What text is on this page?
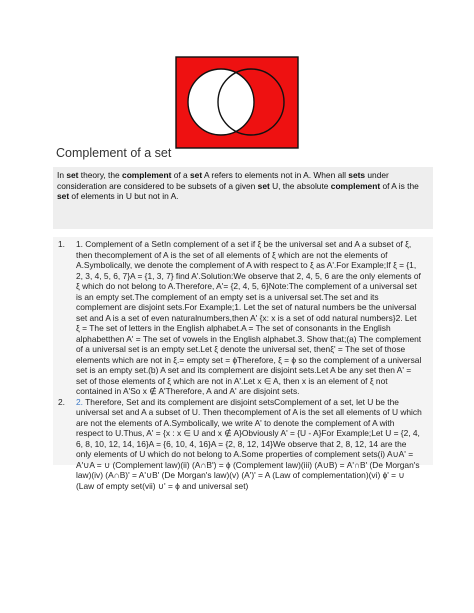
Complement of a set
In set theory, the complement of a set A refers to elements not in A. When all sets under consideration are considered to be subsets of a given set U, the absolute complement of A is the set of elements in U but not in A.
1. 1. Complement of a SetIn complement of a set if ξ be the universal set and A a subset of ξ, then thecomplement of A is the set of all elements of ξ which are not the elements of A.Symbolically, we denote the complement of A with respect to ξ as A'.For Example;If ξ = {1, 2, 3, 4, 5, 6, 7}A = {1, 3, 7} find A'.Solution:We observe that 2, 4, 5, 6 are the only elements of ξ which do not belong to A.Therefore, A'= {2, 4, 5, 6}Note:The complement of a universal set is an empty set.The complement of an empty set is a universal set.The set and its complement are disjoint sets.For Example;1. Let the set of natural numbers be the universal set and A is a set of even naturalnumbers,then A' {x: x is a set of odd natural numbers}2. Let ξ = The set of letters in the English alphabet.A = The set of consonants in the English alphabetthen A' = The set of vowels in the English alphabet.3. Show that;(a) The complement of a universal set is an empty set.Let ξ denote the universal set, thenξ' = The set of those elements which are not in ξ.= empty set = ϕTherefore, ξ = ϕ so the complement of a universal set is an empty set.(b) A set and its complement are disjoint sets.Let A be any set then A' = set of those elements of ξ which are not in A'.Let x ∈ A, then x is an element of ξ not contained in A'So x ∉ A'Therefore, A and A' are disjoint sets.
2. 2. Therefore, Set and its complement are disjoint setsComplement of a set, let U be the universal set and A a subset of U. Then thecomplement of A is the set all elements of U which are not the elements of A.Symbolically, we write A' to denote the complement of A with respect to U.Thus, A' = {x : x ∈ U and x ∉ A}Obviously A' = {U - A}For Example;Let U = {2, 4, 6, 8, 10, 12, 14, 16}A = {6, 10, 4, 16}A = {2, 8, 12, 14}We observe that 2, 8, 12, 14 are the only elements of U which do not belong to A.Some properties of complement sets(i) A∪A' = A'∪A = ∪ (Complement law)(ii) (A∩B') = ϕ (Complement law)(iii) (A∪B) = A'∩B' (De Morgan's law)(iv) (A∩B)' = A'∪B' (De Morgan's law)(v) (A')' = A (Law of complementation)(vi) ϕ' = ∪ (Law of empty set(vii) ∪' = ϕ and universal set)
